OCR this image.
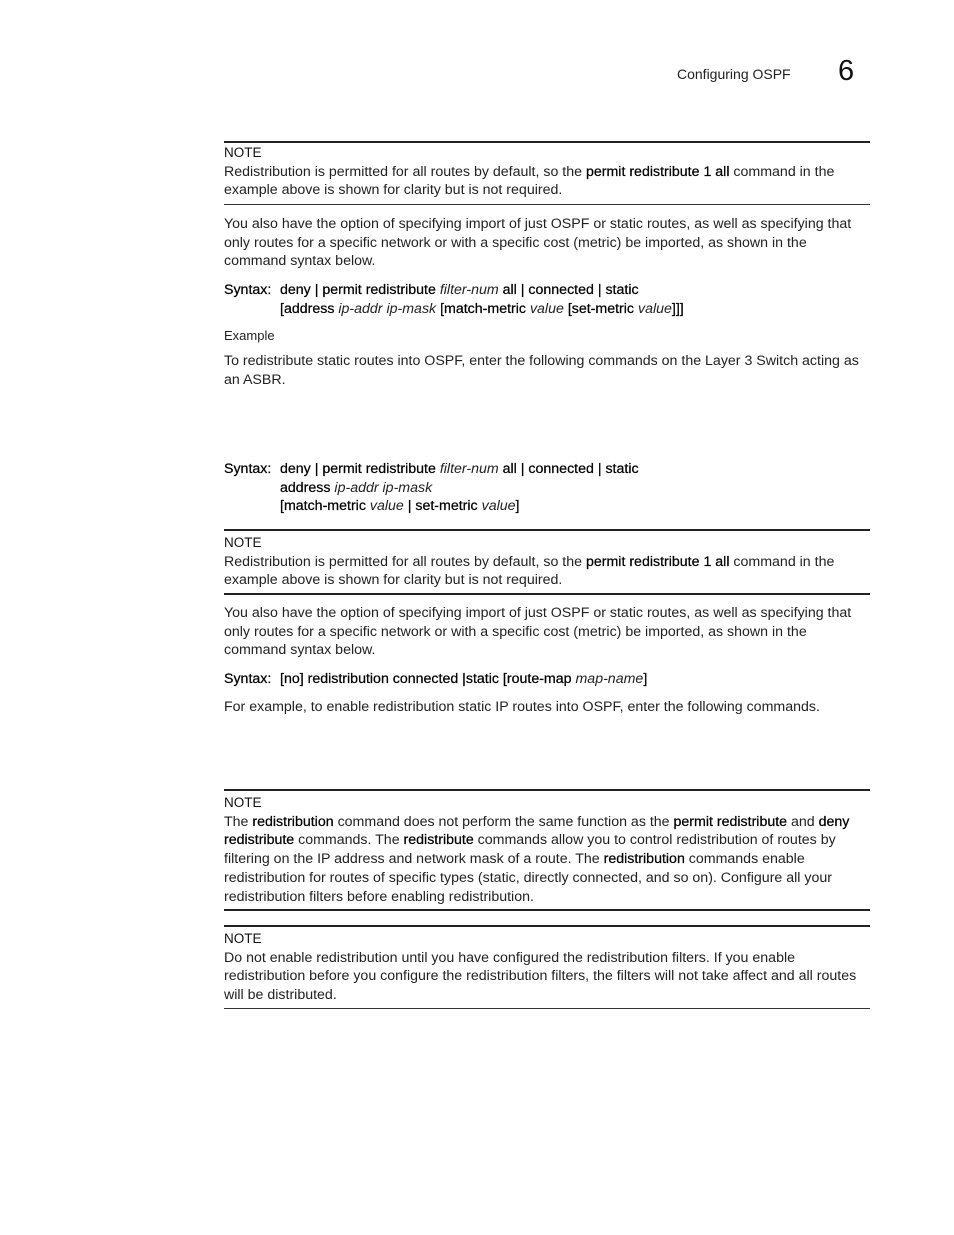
Configuring OSPF 6
NOTE

Redistribution is permitted for all routes by default, so the permit redistribute 1 all command in the example above is shown for clarity but is not required.

You also have the option of specifying import of just OSPF or static routes, as well as specifying that only routes for a specific network or with a specific cost (metric) be imported, as shown in the command syntax below.

Syntax: deny | permit redistribute filter-num all | connected | static
[address ip-addr ip-mask [match-metric value [set-metric value]]]
Example

To redistribute static routes into OSPF, enter the following commands on the Layer 3 Switch acting as an ASBR.

Syntax: deny | permit redistribute filter-num all | connected | static
address ip-addr ip-mask
[match-metric value | set-metric value]
NOTE

Redistribution is permitted for all routes by default, so the permit redistribute 1 all command in the example above is shown for clarity but is not required.

You also have the option of specifying import of just OSPF or static routes, as well as specifying that only routes for a specific network or with a specific cost (metric) be imported, as shown in the command syntax below.

Syntax: [no] redistribution connected |static [route-map map-name]

For example, to enable redistribution static IP routes into OSPF, enter the following commands.

NOTE

The redistribution command does not perform the same function as the permit redistribute and deny redistribute commands. The redistribute commands allow you to control redistribution of routes by filtering on the IP address and network mask of a route. The redistribution commands enable redistribution for routes of specific types (static, directly connected, and so on). Configure all your redistribution filters before enabling redistribution.

NOTE

Do not enable redistribution until you have configured the redistribution filters. If you enable redistribution before you configure the redistribution filters, the filters will not take affect and all routes will be distributed.
